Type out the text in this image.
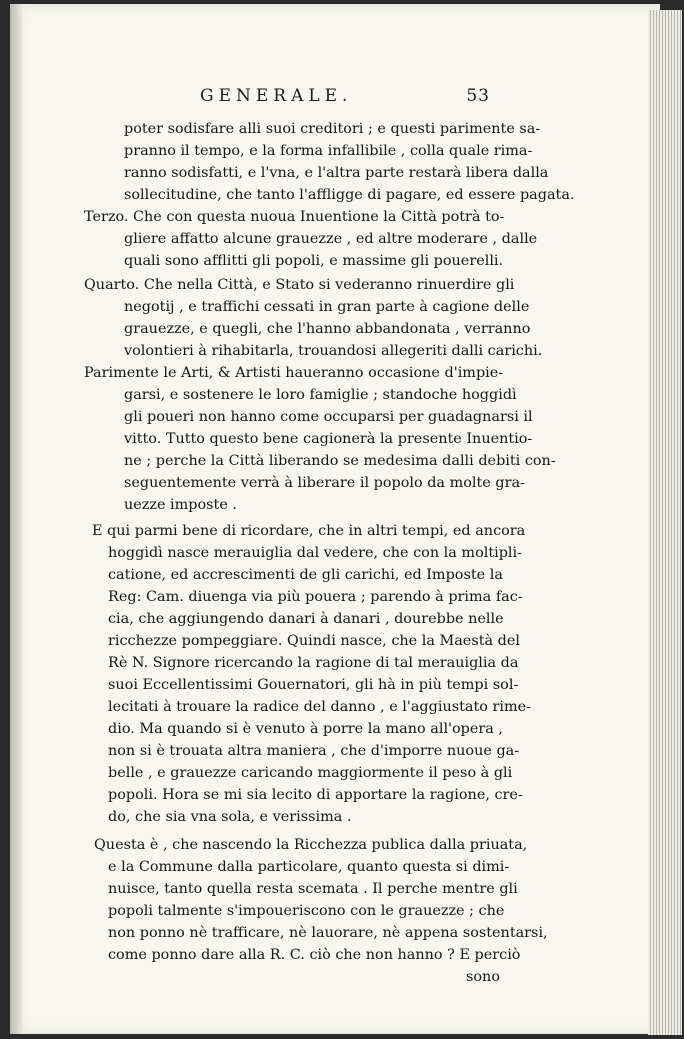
GENERALE.	53
poter sodisfare alli suoi creditori ; e questi parimente sa-
pranno il tempo, e la forma infallibile , colla quale rima-
ranno sodisfatti, e l'vna, e l'altra parte restarà libera dalla
sollecitudine, che tanto l'affligge di pagare, ed essere pagata.
Terzo. Che con questa nuoua Inuentione la Città potrà to-
gliere affatto alcune grauezze , ed altre moderare , dalle
quali sono afflitti gli popoli, e massime gli pouerelli.
Quarto. Che nella Città, e Stato si vederanno rinuerdire gli
negotij , e traffichi cessati in gran parte à cagione delle
grauezze, e quegli, che l'hanno abbandonata , verranno
volontieri à rihabitarla, trouandosi allegeriti dalli carichi.
Parimente le Arti, & Artisti haueranno occasione d'impie-
garsi, e sostenere le loro famiglie ; standoche hoggidì
gli poueri non hanno come occuparsi per guadagnarsi il
vitto. Tutto questo bene cagionerà la presente Inuentio-
ne ; perche la Città liberando se medesima dalli debiti con-
seguentemente verrà à liberare il popolo da molte gra-
uezze imposte .
E qui parmi bene di ricordare, che in altri tempi, ed ancora
hoggidì nasce merauiglia dal vedere, che con la moltipli-
catione, ed accrescimenti de gli carichi, ed Imposte la
Reg: Cam. diuenga via più pouera ; parendo à prima fac-
cia, che aggiungendo danari à danari , dourebbe nelle
ricchezze pompeggiare. Quindi nasce, che la Maestà del
Rè N. Signore ricercando la ragione di tal merauiglia da
suoi Eccellentissimi Gouernatori, gli hà in più tempi sol-
lecitati à trouare la radice del danno , e l'aggiustato rime-
dio. Ma quando si è venuto à porre la mano all'opera ,
non si è trouata altra maniera , che d'imporre nuoue ga-
belle , e grauezze caricando maggiormente il peso à gli
popoli. Hora se mi sia lecito di apportare la ragione, cre-
do, che sia vna sola, e verissima .
Questa è , che nascendo la Ricchezza publica dalla priuata,
e la Commune dalla particolare, quanto questa si dimi-
nuisce, tanto quella resta scemata . Il perche mentre gli
popoli talmente s'impoueriscono con le grauezze ; che
non ponno nè trafficare, nè lauorare, nè appena sostentarsi,
come ponno dare alla R. C. ciò che non hanno ? E perciò
sono
